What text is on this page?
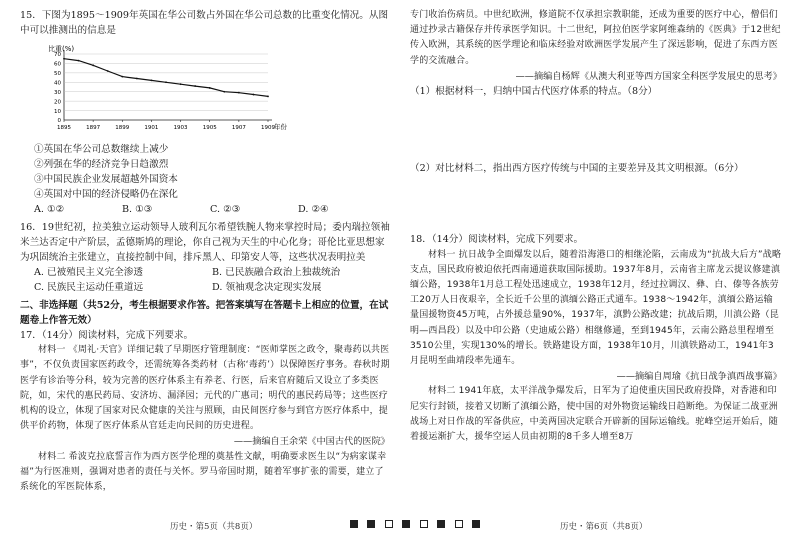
15．下图为1895～1909年英国在华公司数占外国在华公司总数的比重变化情况。从图中可以推测出的信息是

比重(%)
年份
0
10
20
30
40
50
60
70
1895	1897	1899	1901	1903	1905	1907	1909

①英国在华公司总数继续上减少

②列强在华的经济竞争日趋激烈

③中国民族企业发展超越外国资本

④英国对中国的经济侵略仍在深化

A. ①②	B. ①③	C. ②③	D. ②④

16．19世纪初，拉美独立运动领导人玻利瓦尔希望铁腕人物来掌控时局；委内瑞拉领袖米兰达否定中产阶层，孟德斯鸠的理论，你自己视为天生的中心化身；哥伦比亚思想家为巩固统治主张建立，直接控制中间，排斥黑人、印第安人等，这些状况表明拉美

A. 已被殖民主义完全渗透	B. 已民族融合政治上独裁统治
C. 民族民主运动任重道远	D. 领袖观念决定现实发展

二、非选择题（共52分，考生根据要求作答。把答案填写在答题卡上相应的位置，在试题卷上作答无效）

17．（14分）阅读材料，完成下列要求。

材料一 《周礼·天官》详细记载了早期医疗管理制度：“医师掌医之政令，聚毒药以共医事”，不仅负责国家医药政令，还需统筹各类药材（古称‘毒药’）以保障医疗事务。春秋时期医学有诊治等分科，较为完善的医疗体系主有养老、行医，后来官府随后又设立了多类医院，如，宋代的惠民药局、安济坊、漏泽园；元代的广惠司；明代的惠民药局等；这些医疗机构的设立，体现了国家对民众健康的关注与照顾，由民间医疗参与到官方医疗体系中，提供平价药物，体现了医疗体系从官廷走向民间的历史进程。

——摘编自王余荣《中国古代的医院》

材料二 希波克拉底誓言作为西方医学伦理的奠基性文献，明确要求医生以“为病家谋幸福”为行医准则，强调对患者的责任与关怀。罗马帝国时期，随着军事扩张的需要，建立了系统化的军医院体系，

专门收治伤病员。中世纪欧洲，修道院不仅承担宗教职能，还成为重要的医疗中心，僧侣们通过抄录古籍保存并传承医学知识。十二世纪，阿拉伯医学家阿维森纳的《医典》于12世纪传入欧洲，其系统的医学理论和临床经验对欧洲医学发展产生了深远影响，促进了东西方医学的交流融合。

——摘编自杨辉《从澳大利亚等西方国家全科医学发展史的思考》

（1）根据材料一，归纳中国古代医疗体系的特点。（8分）

（2）对比材料二，指出西方医疗传统与中国的主要差异及其文明根源。（6分）

18．（14分）阅读材料，完成下列要求。

材料一 抗日战争全面爆发以后，随着沿海港口的相继沦陷，云南成为“抗战大后方”战略支点，国民政府被迫依托西南通道获取国际援助。1937年8月，云南省主席龙云提议修建滇缅公路，1938年1月总工程处迅速成立，1938年12月，经过拉调汉、彝、白、傣等各族劳工20万人日夜艰辛，全长近千公里的滇缅公路正式通车。1938～1942年，滇缅公路运输量国援物资45万吨，占外援总量90%，1937年，滇黔公路改建；抗战后期，川滇公路（昆明—西昌段）以及中印公路（史迪威公路）相继修通，至到1945年，云南公路总里程增至3510公里，实现130%的增长。铁路建设方面，1938年10月，川滇铁路动工，1941年3月昆明至曲靖段率先通车。

——摘编自周瑜《抗日战争滇西战事篇》

材料二 1941年底，太平洋战争爆发后，日军为了迫使重庆国民政府投降，对香港和印尼实行封锁，接着又切断了滇缅公路，使中国的对外物资运输线日趋断绝。为保证二战亚洲战场上对日作战的军备供应，中美两国决定联合开辟新的国际运输线。驼峰空运开始后，随着援运渐扩大，援华空运人员由初期的8千多人增至8万

历史・第5页（共8页）	历史・第6页（共8页）
